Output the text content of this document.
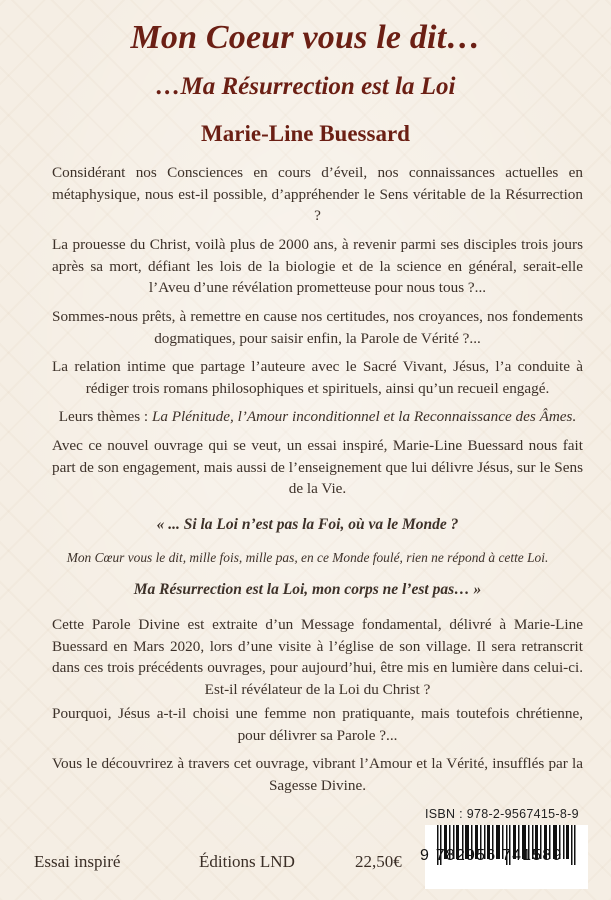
Mon Coeur vous le dit…
…Ma Résurrection est la Loi
Marie-Line Buessard

Considérant nos Consciences en cours d’éveil, nos connaissances actuelles en métaphysique, nous est-il possible, d’appréhender le Sens véritable de la Résurrection ?

La prouesse du Christ, voilà plus de 2000 ans, à revenir parmi ses disciples trois jours après sa mort, défiant les lois de la biologie et de la science en général, serait-elle l’Aveu d’une révélation prometteuse pour nous tous ?...

Sommes-nous prêts, à remettre en cause nos certitudes, nos croyances, nos fondements dogmatiques, pour saisir enfin, la Parole de Vérité ?...

La relation intime que partage l’auteure avec le Sacré Vivant, Jésus, l’a conduite à rédiger trois romans philosophiques et spirituels, ainsi qu’un recueil engagé.

Leurs thèmes : La Plénitude, l’Amour inconditionnel et la Reconnaissance des Âmes.

Avec ce nouvel ouvrage qui se veut, un essai inspiré, Marie-Line Buessard nous fait part de son engagement, mais aussi de l’enseignement que lui délivre Jésus, sur le Sens de la Vie.

« ... Si la Loi n’est pas la Foi, où va le Monde ?
Mon Cœur vous le dit, mille fois, mille pas, en ce Monde foulé, rien ne répond à cette Loi.
Ma Résurrection est la Loi, mon corps ne l’est pas… »

Cette Parole Divine est extraite d’un Message fondamental, délivré à Marie-Line Buessard en Mars 2020, lors d’une visite à l’église de son village. Il sera retranscrit dans ces trois précédents ouvrages, pour aujourd’hui, être mis en lumière dans celui-ci. Est-il révélateur de la Loi du Christ ?

Pourquoi, Jésus a-t-il choisi une femme non pratiquante, mais toutefois chrétienne, pour délivrer sa Parole ?...

Vous le découvrirez à travers cet ouvrage, vibrant l’Amour et la Vérité, insufflés par la Sagesse Divine.

Essai inspiré	Éditions LND	22,50€
ISBN : 978-2-9567415-8-9
9 782956 741589
